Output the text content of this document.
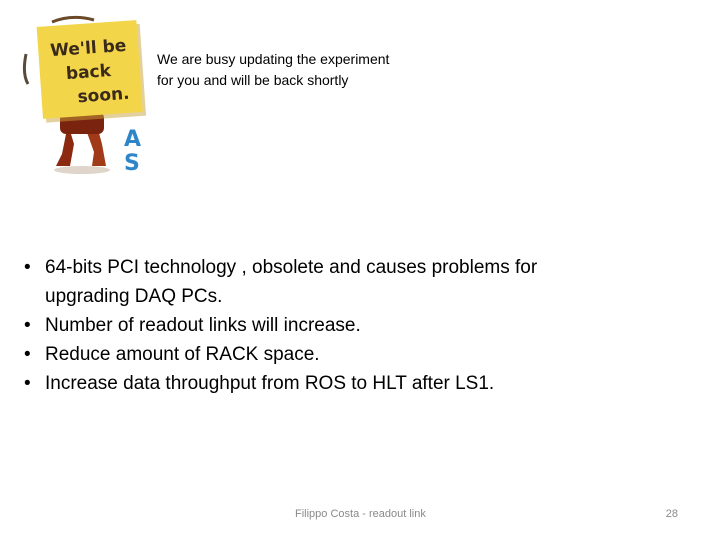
We'll be
back
soon.
A
S
We are busy updating the experiment
for you and will be back shortly
• 64-bits PCI technology , obsolete and causes problems for
upgrading DAQ PCs.
• Number of readout links will increase.
• Reduce amount of RACK space.
• Increase data throughput from ROS to HLT after LS1.
Filippo Costa - readout link	28
